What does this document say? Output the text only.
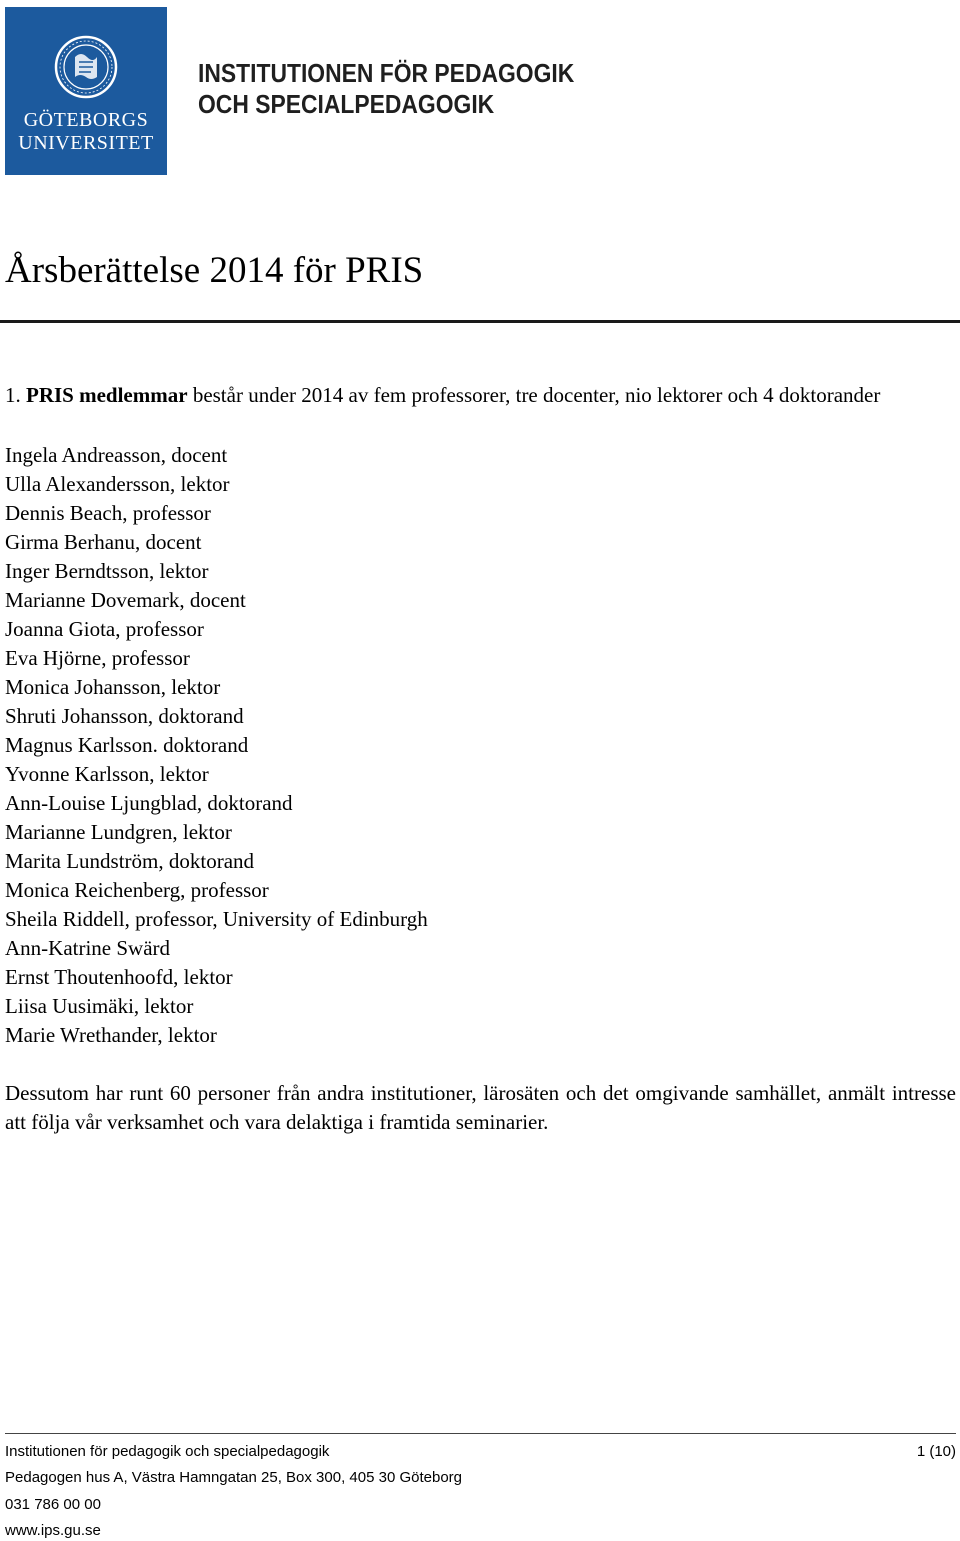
GÖTEBORGS
UNIVERSITET
INSTITUTIONEN FÖR PEDAGOGIK
OCH SPECIALPEDAGOGIK
Årsberättelse 2014 för PRIS
1. PRIS medlemmar består under 2014 av fem professorer, tre docenter, nio lektorer och 4 doktorander
Ingela Andreasson, docent
Ulla Alexandersson, lektor
Dennis Beach, professor
Girma Berhanu, docent
Inger Berndtsson, lektor
Marianne Dovemark, docent
Joanna Giota, professor
Eva Hjörne, professor
Monica Johansson, lektor
Shruti Johansson, doktorand
Magnus Karlsson. doktorand
Yvonne Karlsson, lektor
Ann-Louise Ljungblad, doktorand
Marianne Lundgren, lektor
Marita Lundström, doktorand
Monica Reichenberg, professor
Sheila Riddell, professor, University of Edinburgh
Ann-Katrine Swärd
Ernst Thoutenhoofd, lektor
Liisa Uusimäki, lektor
Marie Wrethander, lektor

Dessutom har runt 60 personer från andra institutioner, lärosäten och det omgivande samhället, anmält intresse att följa vår verksamhet och vara delaktiga i framtida seminarier.

Institutionen för pedagogik och specialpedagogik	1 (10)
Pedagogen hus A, Västra Hamngatan 25, Box 300, 405 30 Göteborg
031 786 00 00
www.ips.gu.se
